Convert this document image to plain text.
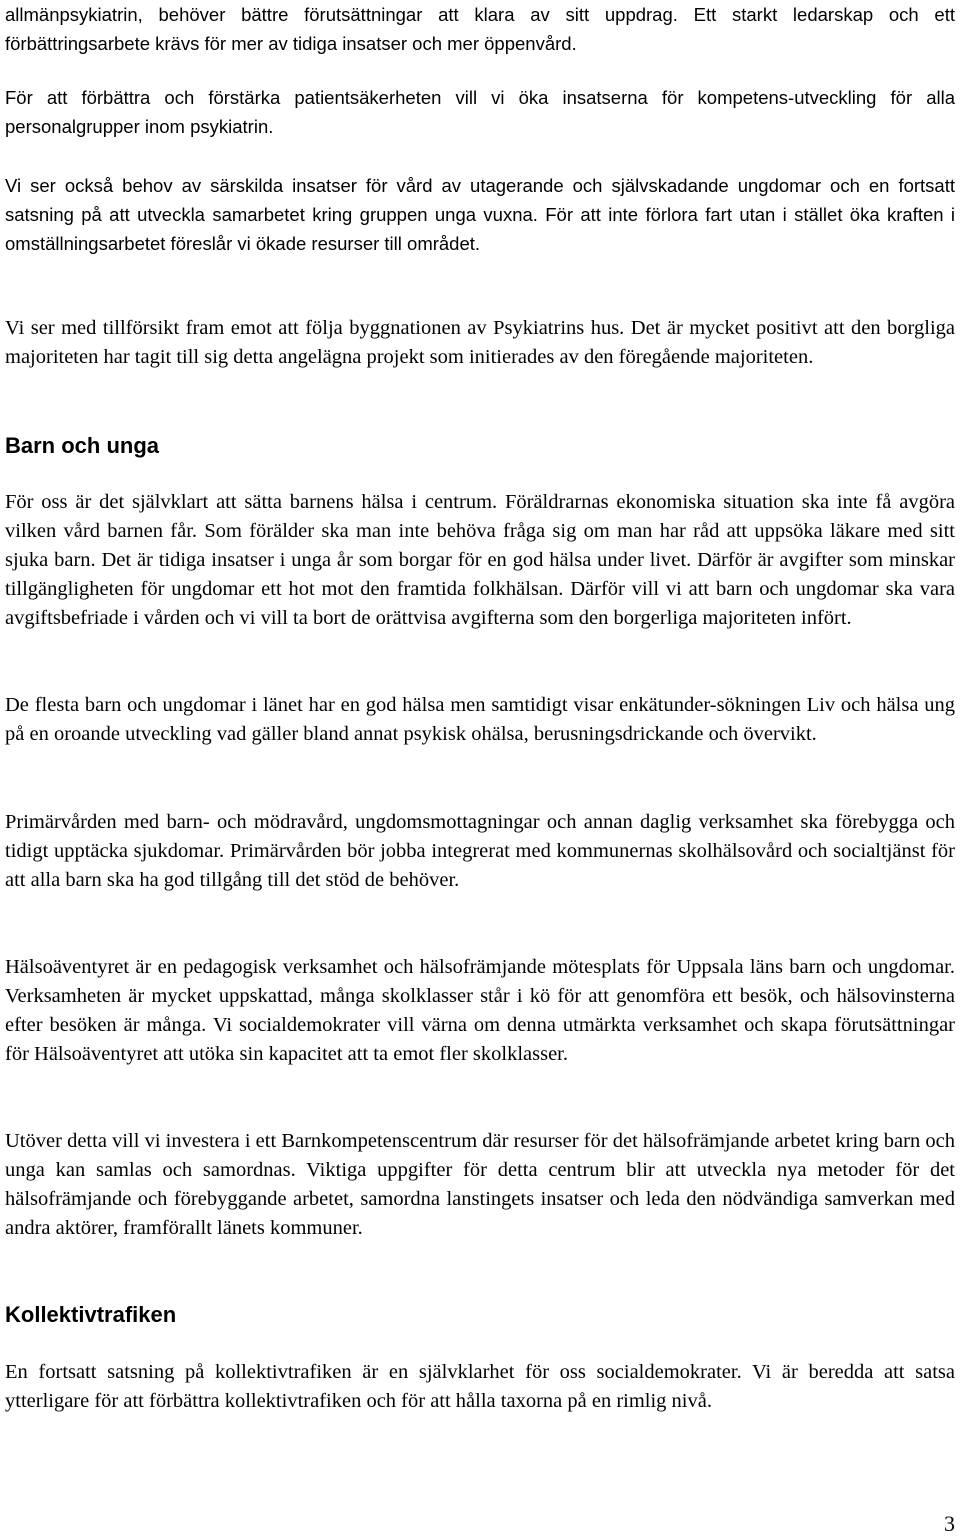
allmänpsykiatrin, behöver bättre förutsättningar att klara av sitt uppdrag. Ett starkt ledarskap och ett förbättringsarbete krävs för mer av tidiga insatser och mer öppenvård.

För att förbättra och förstärka patientsäkerheten vill vi öka insatserna för kompetens-utveckling för alla personalgrupper inom psykiatrin.

Vi ser också behov av särskilda insatser för vård av utagerande och självskadande ungdomar och en fortsatt satsning på att utveckla samarbetet kring gruppen unga vuxna. För att inte förlora fart utan i stället öka kraften i omställningsarbetet föreslår vi ökade resurser till området.

Vi ser med tillförsikt fram emot att följa byggnationen av Psykiatrins hus. Det är mycket positivt att den borgliga majoriteten har tagit till sig detta angelägna projekt som initierades av den föregående majoriteten.

Barn och unga

För oss är det självklart att sätta barnens hälsa i centrum. Föräldrarnas ekonomiska situation ska inte få avgöra vilken vård barnen får. Som förälder ska man inte behöva fråga sig om man har råd att uppsöka läkare med sitt sjuka barn. Det är tidiga insatser i unga år som borgar för en god hälsa under livet. Därför är avgifter som minskar tillgängligheten för ungdomar ett hot mot den framtida folkhälsan. Därför vill vi att barn och ungdomar ska vara avgiftsbefriade i vården och vi vill ta bort de orättvisa avgifterna som den borgerliga majoriteten infört.

De flesta barn och ungdomar i länet har en god hälsa men samtidigt visar enkätunder-sökningen Liv och hälsa ung på en oroande utveckling vad gäller bland annat psykisk ohälsa, berusningsdrickande och övervikt.

Primärvården med barn- och mödravård, ungdomsmottagningar och annan daglig verksamhet ska förebygga och tidigt upptäcka sjukdomar. Primärvården bör jobba integrerat med kommunernas skolhälsovård och socialtjänst för att alla barn ska ha god tillgång till det stöd de behöver.

Hälsoäventyret är en pedagogisk verksamhet och hälsofrämjande mötesplats för Uppsala läns barn och ungdomar. Verksamheten är mycket uppskattad, många skolklasser står i kö för att genomföra ett besök, och hälsovinsterna efter besöken är många. Vi socialdemokrater vill värna om denna utmärkta verksamhet och skapa förutsättningar för Hälsoäventyret att utöka sin kapacitet att ta emot fler skolklasser.

Utöver detta vill vi investera i ett Barnkompetenscentrum där resurser för det hälsofrämjande arbetet kring barn och unga kan samlas och samordnas. Viktiga uppgifter för detta centrum blir att utveckla nya metoder för det hälsofrämjande och förebyggande arbetet, samordna lanstingets insatser och leda den nödvändiga samverkan med andra aktörer, framförallt länets kommuner.

Kollektivtrafiken

En fortsatt satsning på kollektivtrafiken är en självklarhet för oss socialdemokrater. Vi är beredda att satsa ytterligare för att förbättra kollektivtrafiken och för att hålla taxorna på en rimlig nivå.

3
